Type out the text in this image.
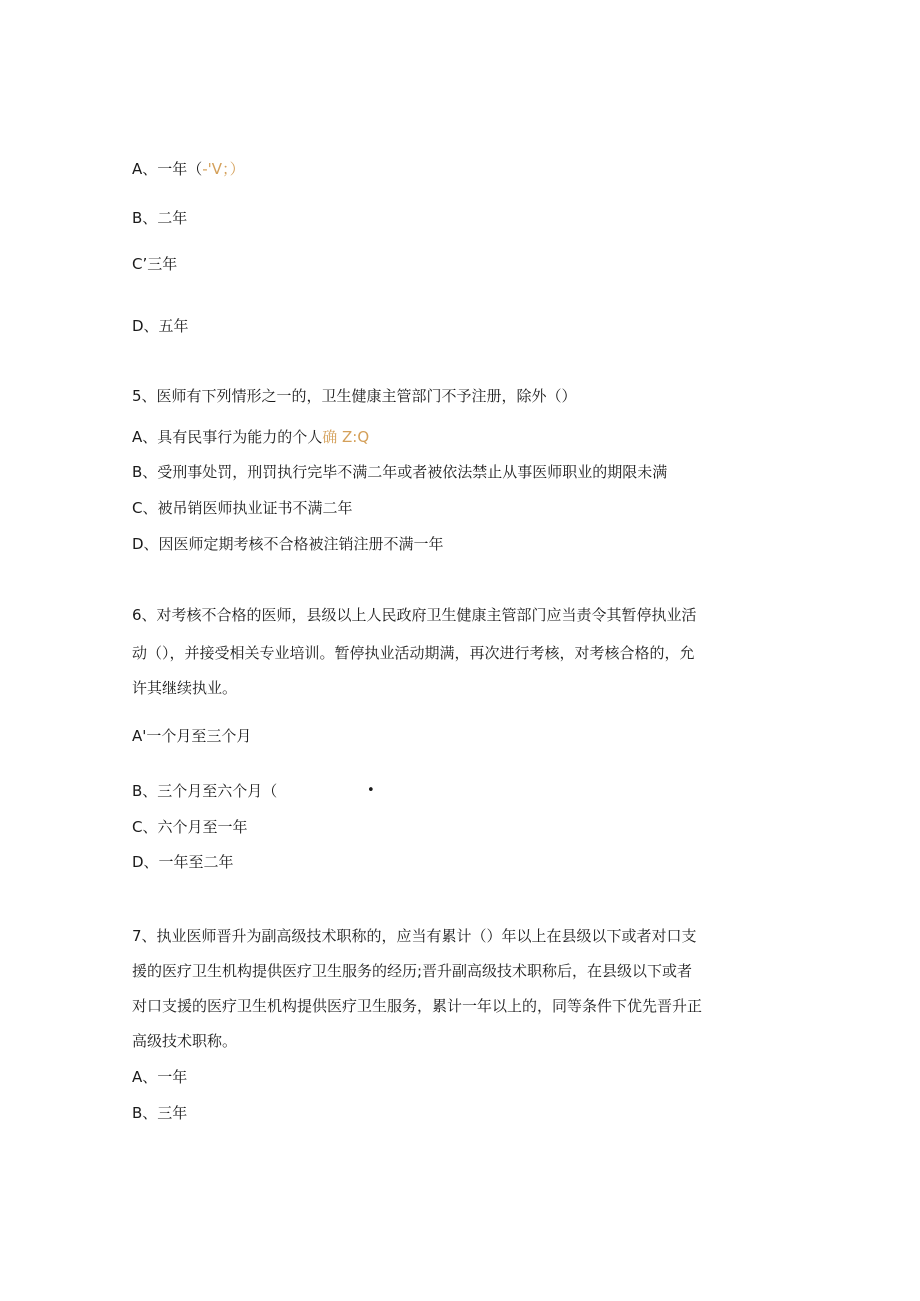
A、一年（-'V；）
B、二年
C’三年
D、五年
5、医师有下列情形之一的，卫生健康主管部门不予注册，除外（）
A、具有民事行为能力的个人确 Z:Q
B、受刑事处罚，刑罚执行完毕不满二年或者被依法禁止从事医师职业的期限未满
C、被吊销医师执业证书不满二年
D、因医师定期考核不合格被注销注册不满一年
6、对考核不合格的医师，县级以上人民政府卫生健康主管部门应当责令其暂停执业活
动（），并接受相关专业培训。暂停执业活动期满，再次进行考核，对考核合格的，允
许其继续执业。
A'一个月至三个月
B、三个月至六个月（	•
C、六个月至一年
D、一年至二年
7、执业医师晋升为副高级技术职称的，应当有累计（）年以上在县级以下或者对口支
援的医疗卫生机构提供医疗卫生服务的经历;晋升副高级技术职称后，在县级以下或者
对口支援的医疗卫生机构提供医疗卫生服务，累计一年以上的，同等条件下优先晋升正
高级技术职称。
A、一年
B、三年
